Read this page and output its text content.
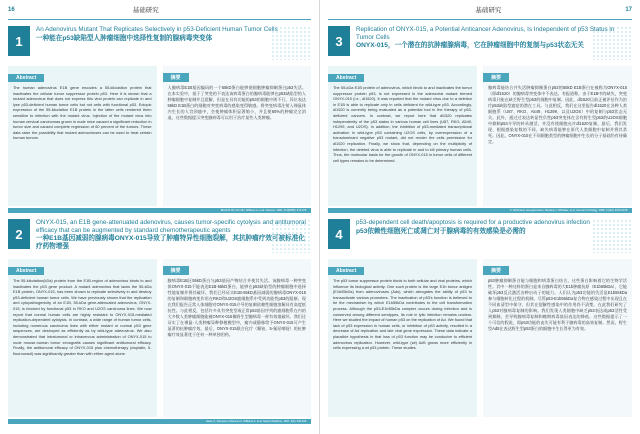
16	基础研究
1
An Adenovirus Mutant That Replicates Selectively in p53-Deficient Human Tumor Cells
一种能在p53缺陷型人肿瘤细胞中选择性复制的腺病毒突变体
Abstract

The human adenovirus E1B gene encodes a 55-kilodalton protein that inactivates the cellular tumor suppressor protein p53. Here it is shown that a mutant adenovirus that does not express this viral protein can replicate in and lyse p53-deficient human tumor cells but not cells with functional p53. Ectopic expression of the 55-kilodalton E1B protein in the latter cells rendered them sensitive to infection with the mutant virus. Injection of the mutant virus into human cervical carcinomas grown in nude mice caused a significant reduction in tumor size and caused complete regression of 60 percent of the tumors. These data raise the possibility that mutant adenoviruses can be used to treat certain human tumors.

摘要

人腺病毒E1B基因编码的一个55kD蛋白能够使细胞肿瘤抑制蛋白p53失活。在本实验中，基于了突变的不表达该病毒蛋白的腺病毒能够在p53缺陷型的人肿瘤细胞中复制并且裂解，但是在具有功能的p53的细胞中则不行。异位表达55kD E1B蛋白的细胞对突变病毒的感染变得敏感。将突变病毒注射入裸鼠体内生长的人宫颈癌中，会使肿瘤体积显著缩小，并且使60%的肿瘤完全消退。这些数据提示突变腺病毒可以用于治疗某些人类肿瘤。

Bischoff JR, Kirn DH, Williams A, et al. Science. 1996, 274(5286): 373-376.
2
ONYX-015, an E1B gene-attenuated adenovirus, causes tumor-specific cytolysis and antitumoral efficacy that can be augmented by standard chemotherapeutic agents
一种E1B基因减弱的腺病毒ONYX-015导致了肿瘤特异性细胞裂解，其抗肿瘤疗效可被标准化疗药物增强
Abstract

The 55-kilodalton(kDa) protein from the E1B-region of adenovirus binds to and inactivates the p53 gene product. A mutant adenovirus that lacks the 55-kDa E1B protein, ONYX-015, has been shown to replicate selectively in and destroy p53-deficient human tumor cells. We have previously shown that the replication and cytopathogenicity of an E1B, 55-kDa gene-attenuated adenovirus, ONYX-015, is blocked by functional p53 in RKO and U2OS carcinoma lines. We now report that normal human cells are highly resistant to ONYX-015-mediated replication-dependent cytolysis. In contrast, a wide range of human tumor cells, including numerous carcinoma lines with either mutant or normal p53 gene sequences, are destroyed as efficiently as by wild-type adenovirus. We also demonstrated that intratumoral or intravenous administration of ONYX-015 to nude mouse-human tumor xenografts causes significant antitumoral efficacy. Finally, the antitumoral efficacy of ONYX-015 plus chemotherapy (cisplatin, 5-fluorouracil) was significantly greater than with either agent alone.

摘要

腺病毒E1B区55kD蛋白与p53基因产物结合并使其失活。该腺病毒一种突变体ONYX-015不能表达E1B-55kD蛋白，能够在p53缺陷型的肿瘤细胞中选择性地复制并将其破坏。我们已经证实E1B-55kD基因减弱的腺病毒ONYX-015的复制和细胞病变作用在RKO和U2OS癌细胞系中受到功能性p53的阻断。现在我们报告正常人体细胞对ONYX-015介导的复制依赖性细胞溶解具有高度抵抗性。与此相反，包括许多具有突变型或正常p53基因序列的癌细胞系在内的大多数人类肿瘤细胞能被ONYX-015像野生型腺病毒一样有效地破坏。我们还证实了在裸鼠-人类肿瘤异种移植模型中，瘤内或静脉给予ONYX-015可产生显著的抗肿瘤疗效。最后，ONYX-015联合化疗（顺铂，5-氟尿嘧啶）的抗肿瘤疗效显著优于任何一种单独用药。

Heise C, Sampson-Johannes A, Williams A, et al. Nature Medicine. 1997, 3(6): 639-645.
基础研究	17
3
Replication of ONYX-015, a Potential Anticancer Adenovirus, Is Independent of p53 Status in Tumor Cells
ONYX-015，一个潜在的抗肿瘤腺病毒，它在肿瘤细胞中的复制与p53状态无关
Abstract

The 55-kDa E1B protein of adenovirus, which binds to and inactivates the tumor suppressor protein p53, is not expressed in the adenoviral mutant termed ONYX-015 (i.e., dl1520). It was reported that the mutant virus due to a deletion in E1B is able to replicate only in cells deficient for wild-type p53. Accordingly, dl1520 is currently being evaluated as a potential tool in the therapy of p53-deficient cancers. In contrast, we report here that dl1520 replicates independently of the p53 status in various human cell lines (U87, RKO, A549, H1299, and U2OS). In addition, the inhibition of p53-mediated transcriptional activation in wild-type p53 containing U2OS cells, by overexpression of a transdominant negative p53 mutant, did not render the cells permissive for dl1520 replication. Finally, we show that, depending on the multiplicity of infection, the deleted virus is able to replicate in and to kill primary human cells. Thus, the molecular basis for the growth of ONYX-015 in tumor cells of different cell types remains to be determined.

摘要

腺病毒能结合并失活肿瘤抑制蛋白p53的55kD E1B蛋白在被称为ONYX-015（即dl1520）的腺病毒突变体中不表达。有报道称，由于E1B中的缺失，突变病毒只能在缺乏野生型p53的细胞中复制。因此，dl1520目前正被评估作为治疗p53缺陷型癌症的潜在工具。与此相反，我们在这里报告dl1520在各种人类细胞系（U87、RKO、A549、H1299、以及U2OS）中的复制与p53状态无关。此外，通过过表达转显性负性p53突变体在含有野生型p53的U2OS细胞中抑制p53介导的转录激活，并没有使细胞允许dl1520复制。最后，我们发现，根据感染复数的不同，缺失病毒能够在原代人类细胞中复制并将其杀死。因此，ONYX-015在不同细胞类型的肿瘤细胞中生长的分子基础仍有待确定。

F. Rothmann, Hengstermann, Nicolaus J. Whitaker, et al. Journal of Virology. 1998, 72(12): 9470-9478.
4
p53-dependent cell death/apoptosis is required for a productive adenovirus infection
p53依赖性细胞死亡或凋亡对于腺病毒的有效感染是必需的
Abstract

The p53 tumor suppressor protein binds to both cellular and viral proteins, which influence its biological activity. One such protein is the large E1b tumor antigen (E1b55kDa) from adenoviruses (Ads), which abrogates the ability of p53 to transactivate various promoters. The inactivation of p53's function is believed to be the mechanism by which E1b55kDa contributes to the cell transformation process. Although the p53-E1b55kDa complex occurs during infection and is conserved among different serotypes, its role in lytic infection remains unclear. Here we studied the impact of human p53 on the replication of Ad. We found that lack of p53 expression in human cells, or inhibition of p53 activity, resulted in a decrease of Ad replication and late viral gene expression. These data indicate a plausible hypothesis in that loss of p53 function may be conducive to efficient adenovirus replication. However, wild-type (wt) Ad5 grows more efficiently in cells expressing a wt p53 protein. These studies

摘要

p53肿瘤抑制蛋白能与细胞和病毒蛋白结合，这些蛋白影响着它的生物学活性。其中一种这样的蛋白是来自腺病毒的大E1b肿瘤抗原（E1b55kDa），它能破坏p53反式激活各种启动子的能力。人们认为p53功能的失活是E1b55kDa参与细胞转化过程的机制。尽管p53-E1b55kDa复合物在感染过程中出现且在不同血清型中保守，但其在裂解性感染中的作用尚不清楚。在此我们研究了人p53对腺病毒复制的影响。我们发现人类细胞中缺乏p53表达或p53活性受到抑制，会导致腺病毒复制和晚期病毒基因表达的降低。这些数据提示了一个可信的假说，即p53功能的丧失可能有利于腺病毒的高效复制。然而，野生型Ad5在表达野生型p53蛋白的细胞中生长得更为有效。
